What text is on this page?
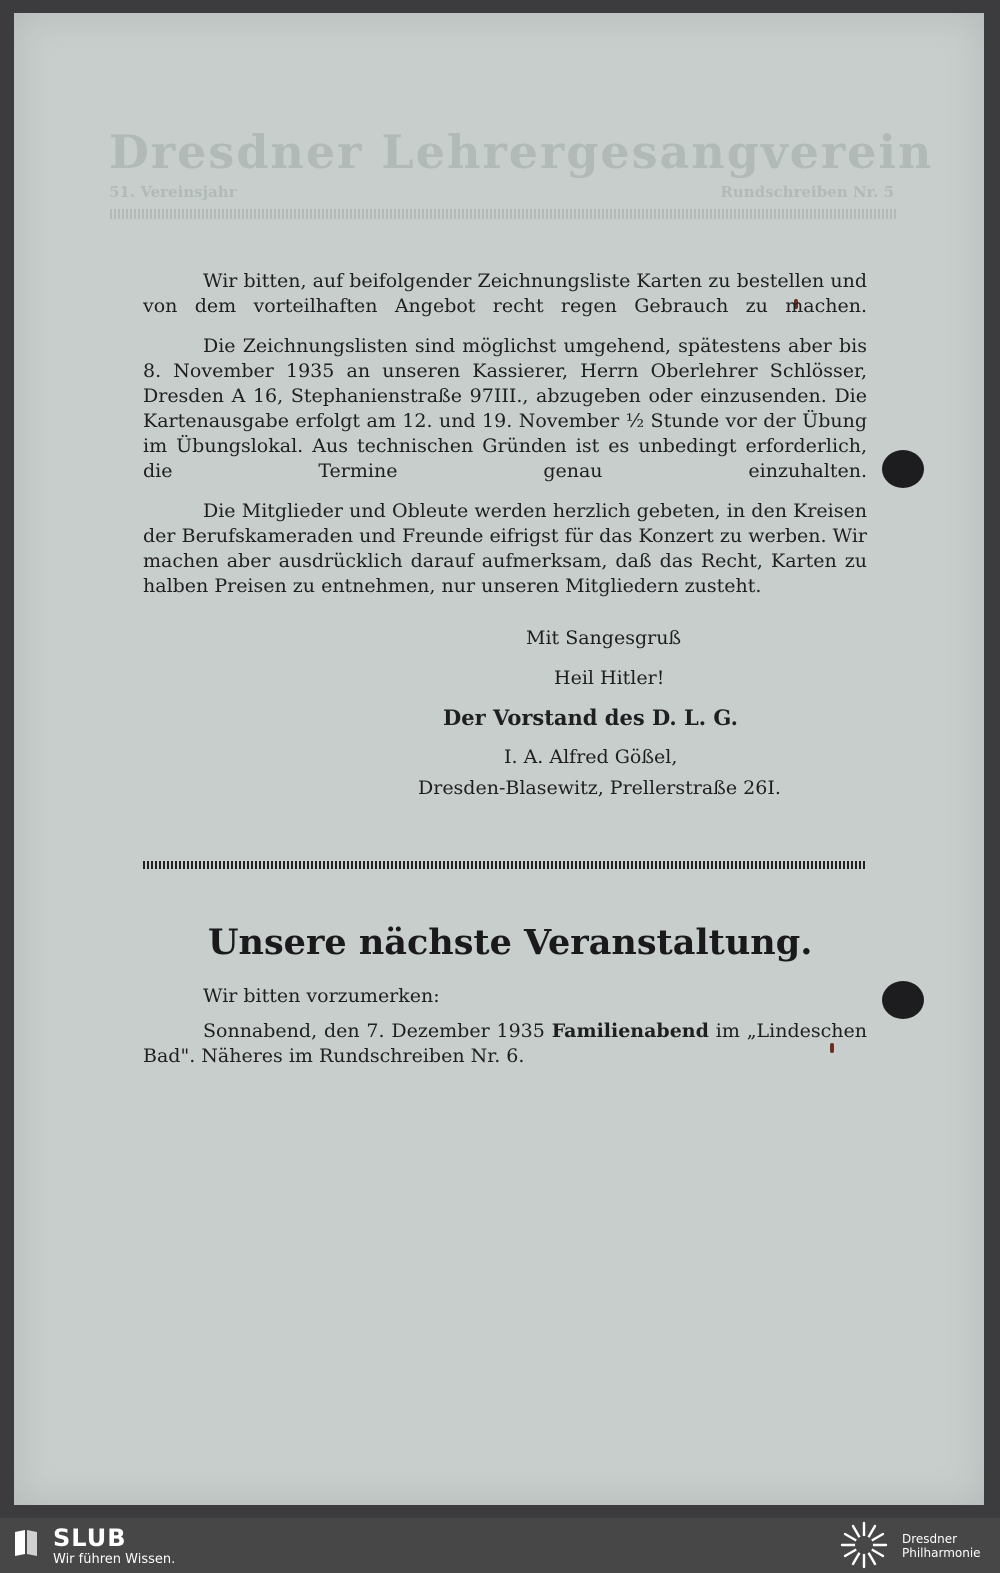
Dresdner Lehrergesangverein
51. Vereinsjahr	Rundschreiben Nr. 5

Wir bitten, auf beifolgender Zeichnungsliste Karten zu bestellen und von dem vorteilhaften Angebot recht regen Gebrauch zu machen.

Die Zeichnungslisten sind möglichst umgehend, spätestens aber bis 8. November 1935 an unseren Kassierer, Herrn Oberlehrer Schlösser, Dresden A 16, Stephanienstraße 97III., abzugeben oder einzusenden. Die Kartenausgabe erfolgt am 12. und 19. November ½ Stunde vor der Übung im Übungslokal. Aus technischen Gründen ist es unbedingt erforderlich, die Termine genau einzuhalten.

Die Mitglieder und Obleute werden herzlich gebeten, in den Kreisen der Berufskameraden und Freunde eifrigst für das Konzert zu werben. Wir machen aber ausdrücklich darauf aufmerksam, daß das Recht, Karten zu halben Preisen zu entnehmen, nur unseren Mitgliedern zusteht.

Mit Sangesgruß

Heil Hitler!

Der Vorstand des D. L. G.

I. A. Alfred Gößel,

Dresden-Blasewitz, Prellerstraße 26I.

Unsere nächste Veranstaltung.

Wir bitten vorzumerken:

Sonnabend, den 7. Dezember 1935 Familienabend im „Lindeschen Bad". Näheres im Rundschreiben Nr. 6.

SLUB
Wir führen Wissen.
Dresdner
Philharmonie
